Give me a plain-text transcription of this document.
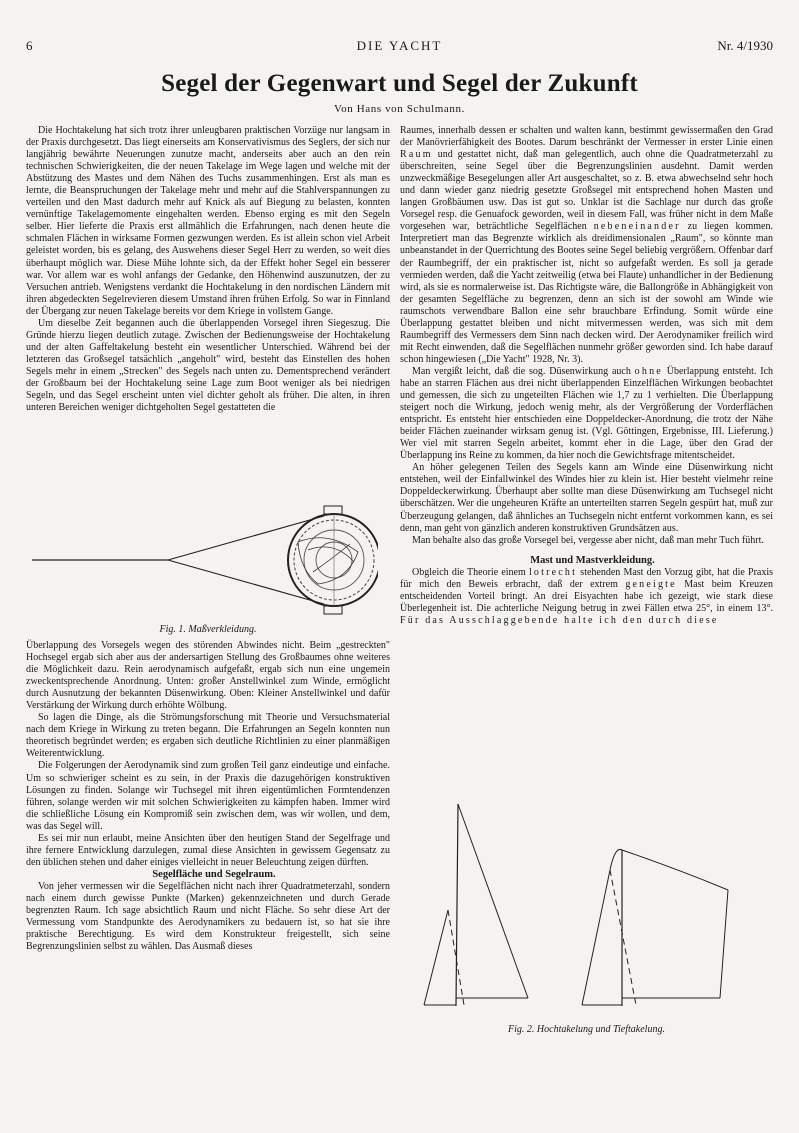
6	DIE YACHT	Nr. 4/1930
Segel der Gegenwart und Segel der Zukunft
Von Hans von Schulmann.

Die Hochtakelung hat sich trotz ihrer unleugbaren praktischen Vorzüge nur langsam in der Praxis durchgesetzt. Das liegt einerseits am Konservativismus des Seglers, der sich nur langjährig bewährte Neuerungen zunutze macht, anderseits aber auch an den rein technischen Schwierigkeiten, die der neuen Takelage im Wege lagen und welche mit der Abstützung des Mastes und dem Nähen des Tuchs zusammenhingen. Erst als man es lernte, die Beanspruchungen der Takelage mehr und mehr auf die Stahlverspannungen zu verteilen und den Mast dadurch mehr auf Knick als auf Biegung zu belasten, konnten vernünftige Takelagemomente eingehalten werden. Ebenso erging es mit den Segeln selber. Hier lieferte die Praxis erst allmählich die Erfahrungen, nach denen heute die schmalen Flächen in wirksame Formen gezwungen werden. Es ist allein schon viel Arbeit geleistet worden, bis es gelang, des Auswehens dieser Segel Herr zu werden, so weit dies überhaupt möglich war. Diese Mühe lohnte sich, da der Effekt hoher Segel ein besserer war. Vor allem war es wohl anfangs der Gedanke, den Höhenwind auszunutzen, der zu Versuchen antrieb. Wenigstens verdankt die Hochtakelung in den nordischen Ländern mit ihren abgedeckten Segelrevieren diesem Umstand ihren frühen Erfolg. So war in Finnland der Übergang zur neuen Takelage bereits vor dem Kriege in vollstem Gange.

Um dieselbe Zeit begannen auch die überlappenden Vorsegel ihren Siegeszug. Die Gründe hierzu liegen deutlich zutage. Zwischen der Bedienungsweise der Hochtakelung und der alten Gaffeltakelung besteht ein wesentlicher Unterschied. Während bei der letzteren das Großsegel tatsächlich „angeholt" wird, besteht das Einstellen des hohen Segels mehr in einem „Strecken" des Segels nach unten zu. Dementsprechend verändert der Großbaum bei der Hochtakelung seine Lage zum Boot weniger als bei niedrigen Segeln, und das Segel erscheint unten viel dichter geholt als früher. Die alten, in ihren unteren Bereichen weniger dichtgeholten Segel gestatteten die

Fig. 1. Maßverkleidung.

Überlappung des Vorsegels wegen des störenden Abwindes nicht. Beim „gestreckten" Hochsegel ergab sich aber aus der andersartigen Stellung des Großbaumes ohne weiteres die Möglichkeit dazu. Rein aerodynamisch aufgefaßt, ergab sich nun eine ungemein zweckentsprechende Anordnung. Unten: großer Anstellwinkel zum Winde, ermöglicht durch Ausnutzung der bekannten Düsenwirkung. Oben: Kleiner Anstellwinkel und dafür Verstärkung der Wirkung durch erhöhte Wölbung.

So lagen die Dinge, als die Strömungsforschung mit Theorie und Versuchsmaterial nach dem Kriege in Wirkung zu treten begann. Die Erfahrungen an Segeln konnten nun theoretisch begründet werden; es ergaben sich deutliche Richtlinien zu einer planmäßigen Weiterentwicklung.

Die Folgerungen der Aerodynamik sind zum großen Teil ganz eindeutige und einfache. Um so schwieriger scheint es zu sein, in der Praxis die dazugehörigen konstruktiven Lösungen zu finden. Solange wir Tuchsegel mit ihren eigentümlichen Formtendenzen führen, solange werden wir mit solchen Schwierigkeiten zu kämpfen haben. Immer wird die schließliche Lösung ein Kompromiß sein zwischen dem, was wir wollen, und dem, was das Segel will.

Es sei mir nun erlaubt, meine Ansichten über den heutigen Stand der Segelfrage und ihre fernere Entwicklung darzulegen, zumal diese Ansichten in gewissem Gegensatz zu den üblichen stehen und daher einiges vielleicht in neuer Beleuchtung zeigen dürften.

Segelfläche und Segelraum.

Von jeher vermessen wir die Segelflächen nicht nach ihrer Quadratmeterzahl, sondern nach einem durch gewisse Punkte (Marken) gekennzeichneten und durch Gerade begrenzten Raum. Ich sage absichtlich Raum und nicht Fläche. So sehr diese Art der Vermessung vom Standpunkte des Aerodynamikers zu bedauern ist, so hat sie ihre praktische Berechtigung. Es wird dem Konstrukteur freigestellt, sich seine Begrenzungslinien selbst zu wählen. Das Ausmaß dieses

Raumes, innerhalb dessen er schalten und walten kann, bestimmt gewissermaßen den Grad der Manövrierfähigkeit des Bootes. Darum beschränkt der Vermesser in erster Linie einen Raum und gestattet nicht, daß man gelegentlich, auch ohne die Quadratmeterzahl zu überschreiten, seine Segel über die Begrenzungslinien ausdehnt. Damit werden unzweckmäßige Besegelungen aller Art ausgeschaltet, so z. B. etwa abwechselnd sehr hoch und dann wieder ganz niedrig gesetzte Großsegel mit entsprechend hohen Masten und langen Großbäumen usw. Das ist gut so. Unklar ist die Sachlage nur durch das große Vorsegel resp. die Genuafock geworden, weil in diesem Fall, was früher nicht in dem Maße vorgesehen war, beträchtliche Segelflächen nebeneinander zu liegen kommen. Interpretiert man das Begrenzte wirklich als dreidimensionalen „Raum", so könnte man unbeanstandet in der Querrichtung des Bootes seine Segel beliebig vergrößern. Offenbar darf der Raumbegriff, der ein praktischer ist, nicht so aufgefaßt werden. Es soll ja gerade vermieden werden, daß die Yacht zeitweilig (etwa bei Flaute) unhandlicher in der Bedienung wird, als sie es normalerweise ist. Das Richtigste wäre, die Ballongröße in Abhängigkeit von der gesamten Segelfläche zu begrenzen, denn an sich ist der sowohl am Winde wie raumschots verwendbare Ballon eine sehr brauchbare Erfindung. Somit würde eine Überlappung gestattet bleiben und nicht mitvermessen werden, was sich mit dem Raumbegriff des Vermessers dem Sinn nach decken wird. Der Aerodynamiker freilich wird mit Recht einwenden, daß die Segelflächen nunmehr größer geworden sind. Ich habe darauf schon hingewiesen („Die Yacht" 1928, Nr. 3).

Man vergißt leicht, daß die sog. Düsenwirkung auch ohne Überlappung entsteht. Ich habe an starren Flächen aus drei nicht überlappenden Einzelflächen Wirkungen beobachtet und gemessen, die sich zu ungeteilten Flächen wie 1,7 zu 1 verhielten. Die Überlappung steigert noch die Wirkung, jedoch wenig mehr, als der Vergrößerung der Vorderflächen entspricht. Es entsteht hier entschieden eine Doppeldecker-Anordnung, die trotz der Nähe beider Flächen zueinander wirksam genug ist. (Vgl. Göttingen, Ergebnisse, III. Lieferung.) Wer viel mit starren Segeln arbeitet, kommt eher in die Lage, über den Grad der Überlappung ins Reine zu kommen, da hier noch die Gewichtsfrage mitentscheidet.

An höher gelegenen Teilen des Segels kann am Winde eine Düsenwirkung nicht entstehen, weil der Einfallwinkel des Windes hier zu klein ist. Hier besteht vielmehr reine Doppeldeckerwirkung. Überhaupt aber sollte man diese Düsenwirkung am Tuchsegel nicht überschätzen. Wer die ungeheuren Kräfte an unterteilten starren Segeln gespürt hat, muß zur Überzeugung gelangen, daß ähnliches an Tuchsegeln nicht entfernt vorkommen kann, es sei denn, man geht von gänzlich anderen konstruktiven Grundsätzen aus.

Man behalte also das große Vorsegel bei, vergesse aber nicht, daß man mehr Tuch führt.

Mast und Mastverkleidung.

Obgleich die Theorie einem lotrecht stehenden Mast den Vorzug gibt, hat die Praxis für mich den Beweis erbracht, daß der extrem geneigte Mast beim Kreuzen entscheidenden Vorteil bringt. An drei Eisyachten habe ich gezeigt, wie stark diese Überlegenheit ist. Die achterliche Neigung betrug in zwei Fällen etwa 25°, in einem 13°. Für das Ausschlaggebende halte ich den durch diese

Fig. 2. Hochtakelung und Tieftakelung.
